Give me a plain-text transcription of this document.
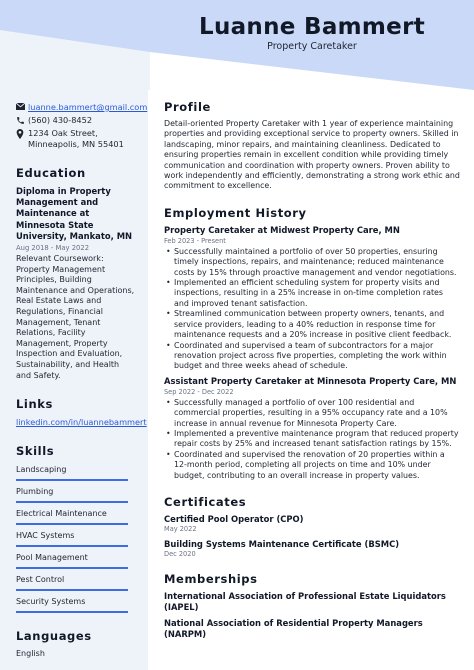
Luanne Bammert
Property Caretaker
luanne.bammert@gmail.com
(560) 430-8452
1234 Oak Street, Minneapolis, MN 55401
Education
Diploma in Property Management and Maintenance at Minnesota State University, Mankato, MN
Aug 2018 - May 2022
Relevant Coursework: Property Management Principles, Building Maintenance and Operations, Real Estate Laws and Regulations, Financial Management, Tenant Relations, Facility Management, Property Inspection and Evaluation, Sustainability, and Health and Safety.
Links
linkedin.com/in/luannebammert
Skills
Landscaping
Plumbing
Electrical Maintenance
HVAC Systems
Pool Management
Pest Control
Security Systems
Languages
English
Profile
Detail-oriented Property Caretaker with 1 year of experience maintaining properties and providing exceptional service to property owners. Skilled in landscaping, minor repairs, and maintaining cleanliness. Dedicated to ensuring properties remain in excellent condition while providing timely communication and coordination with property owners. Proven ability to work independently and efficiently, demonstrating a strong work ethic and commitment to excellence.
Employment History
Property Caretaker at Midwest Property Care, MN
Feb 2023 - Present
• Successfully maintained a portfolio of over 50 properties, ensuring timely inspections, repairs, and maintenance; reduced maintenance costs by 15% through proactive management and vendor negotiations.
• Implemented an efficient scheduling system for property visits and inspections, resulting in a 25% increase in on-time completion rates and improved tenant satisfaction.
• Streamlined communication between property owners, tenants, and service providers, leading to a 40% reduction in response time for maintenance requests and a 20% increase in positive client feedback.
• Coordinated and supervised a team of subcontractors for a major renovation project across five properties, completing the work within budget and three weeks ahead of schedule.
Assistant Property Caretaker at Minnesota Property Care, MN
Sep 2022 - Dec 2022
• Successfully managed a portfolio of over 100 residential and commercial properties, resulting in a 95% occupancy rate and a 10% increase in annual revenue for Minnesota Property Care.
• Implemented a preventive maintenance program that reduced property repair costs by 25% and increased tenant satisfaction ratings by 15%.
• Coordinated and supervised the renovation of 20 properties within a 12-month period, completing all projects on time and 10% under budget, contributing to an overall increase in property values.
Certificates
Certified Pool Operator (CPO)
May 2022
Building Systems Maintenance Certificate (BSMC)
Dec 2020
Memberships
International Association of Professional Estate Liquidators (IAPEL)
National Association of Residential Property Managers (NARPM)
